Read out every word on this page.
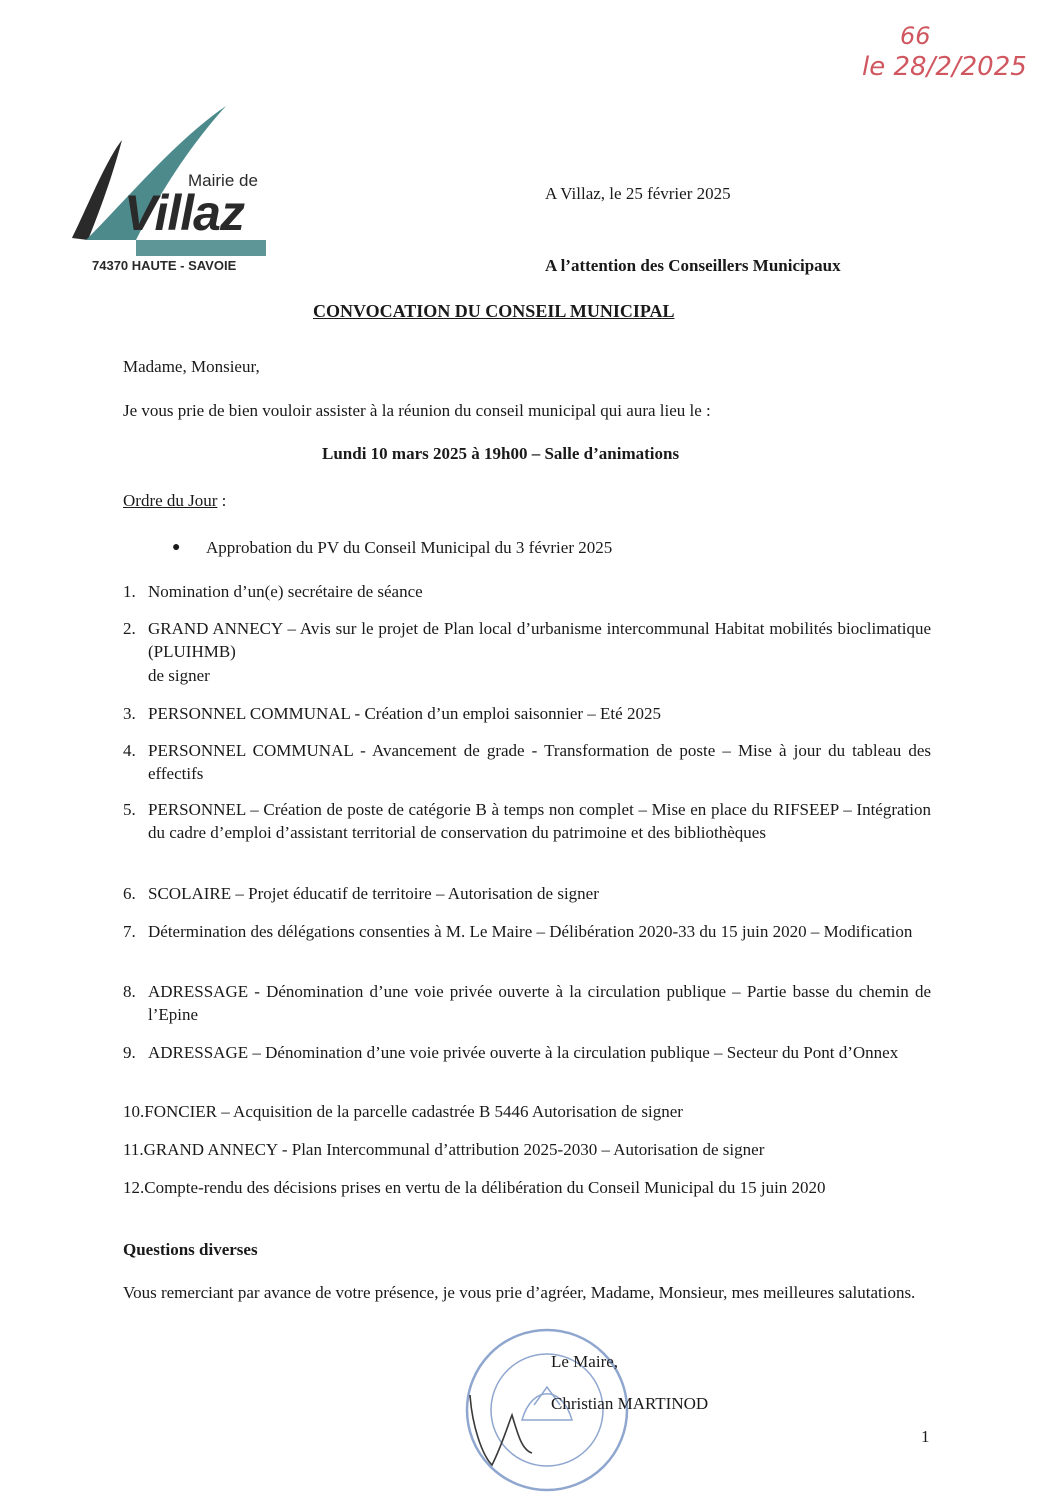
66
le 28/2/2025
Mairie de
Villaz
74370 HAUTE - SAVOIE
A Villaz, le 25 février 2025
A l’attention des Conseillers Municipaux
CONVOCATION DU CONSEIL MUNICIPAL
Madame, Monsieur,
Je vous prie de bien vouloir assister à la réunion du conseil municipal qui aura lieu le :
Lundi 10 mars 2025 à 19h00 – Salle d’animations
Ordre du Jour :
● Approbation du PV du Conseil Municipal du 3 février 2025
1. Nomination d’un(e) secrétaire de séance
2. GRAND ANNECY – Avis sur le projet de Plan local d’urbanisme intercommunal Habitat mobilités bioclimatique (PLUIHMB)
de signer
3. PERSONNEL COMMUNAL - Création d’un emploi saisonnier – Eté 2025
4. PERSONNEL COMMUNAL - Avancement de grade - Transformation de poste – Mise à jour du tableau des effectifs
5. PERSONNEL – Création de poste de catégorie B à temps non complet – Mise en place du RIFSEEP – Intégration du cadre d’emploi d’assistant territorial de conservation du patrimoine et des bibliothèques
6. SCOLAIRE – Projet éducatif de territoire – Autorisation de signer
7. Détermination des délégations consenties à M. Le Maire – Délibération 2020-33 du 15 juin 2020 – Modification
8. ADRESSAGE - Dénomination d’une voie privée ouverte à la circulation publique – Partie basse du chemin de l’Epine
9. ADRESSAGE – Dénomination d’une voie privée ouverte à la circulation publique – Secteur du Pont d’Onnex
10.FONCIER – Acquisition de la parcelle cadastrée B 5446 Autorisation de signer
11.GRAND ANNECY - Plan Intercommunal d’attribution 2025-2030 – Autorisation de signer
12.Compte-rendu des décisions prises en vertu de la délibération du Conseil Municipal du 15 juin 2020
Questions diverses
Vous remerciant par avance de votre présence, je vous prie d’agréer, Madame, Monsieur, mes meilleures salutations.
Le Maire,
Christian MARTINOD
1
